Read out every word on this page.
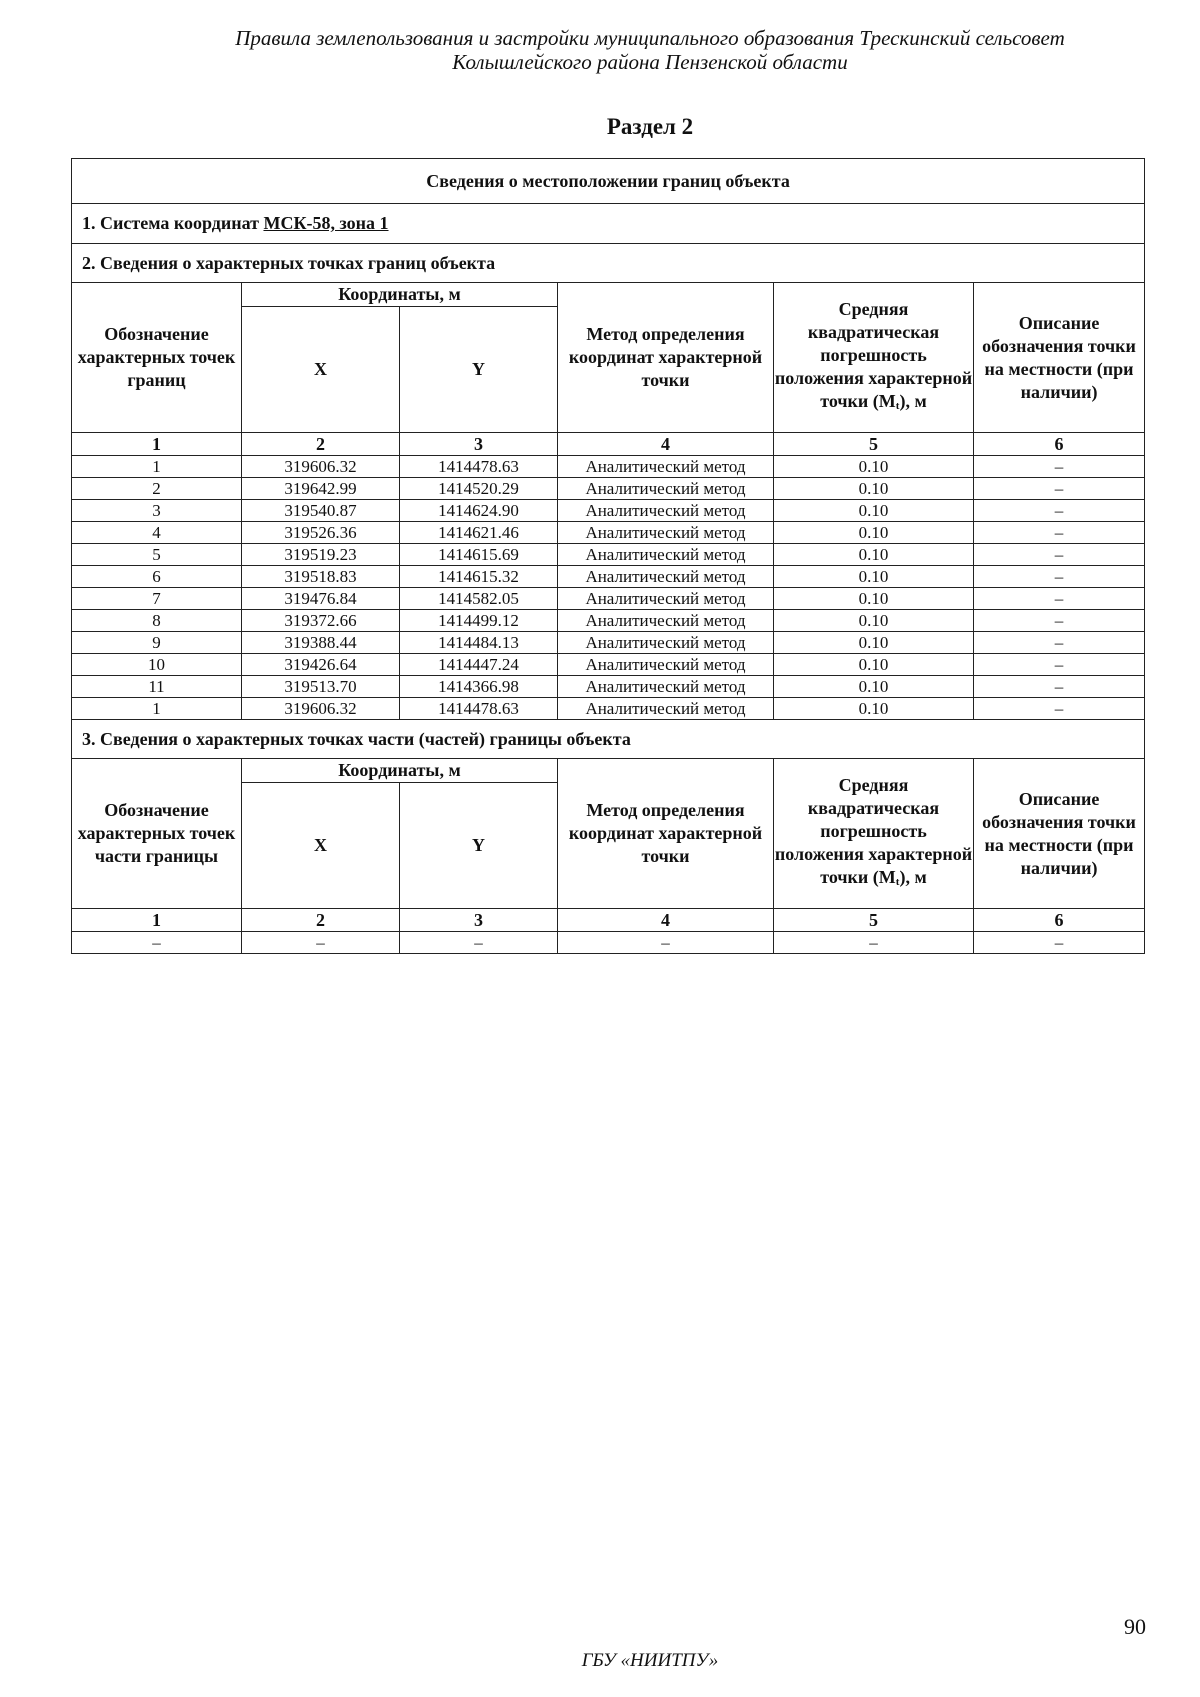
Правила землепользования и застройки муниципального образования Трескинский сельсовет
Колышлейского района Пензенской области
Раздел 2
Сведения о местоположении границ объекта					
1. Система координат МСК-58, зона 1					
2. Сведения о характерных точках границ объекта					
Обозначение характерных точек границ	Координаты, м		Метод определения координат характерной точки	Средняя квадратическая погрешность положения характерной точки (Mt), м	Описание обозначения точки на местности (при наличии)
	X	Y			
1	2	3	4	5	6
1	319606.32	1414478.63	Аналитический метод	0.10	–
2	319642.99	1414520.29	Аналитический метод	0.10	–
3	319540.87	1414624.90	Аналитический метод	0.10	–
4	319526.36	1414621.46	Аналитический метод	0.10	–
5	319519.23	1414615.69	Аналитический метод	0.10	–
6	319518.83	1414615.32	Аналитический метод	0.10	–
7	319476.84	1414582.05	Аналитический метод	0.10	–
8	319372.66	1414499.12	Аналитический метод	0.10	–
9	319388.44	1414484.13	Аналитический метод	0.10	–
10	319426.64	1414447.24	Аналитический метод	0.10	–
11	319513.70	1414366.98	Аналитический метод	0.10	–
1	319606.32	1414478.63	Аналитический метод	0.10	–
3. Сведения о характерных точках части (частей) границы объекта					
Обозначение характерных точек части границы	Координаты, м		Метод определения координат характерной точки	Средняя квадратическая погрешность положения характерной точки (Mt), м	Описание обозначения точки на местности (при наличии)
	X	Y			
1	2	3	4	5	6
–	–	–	–	–	–
90
ГБУ «НИИТПУ»
